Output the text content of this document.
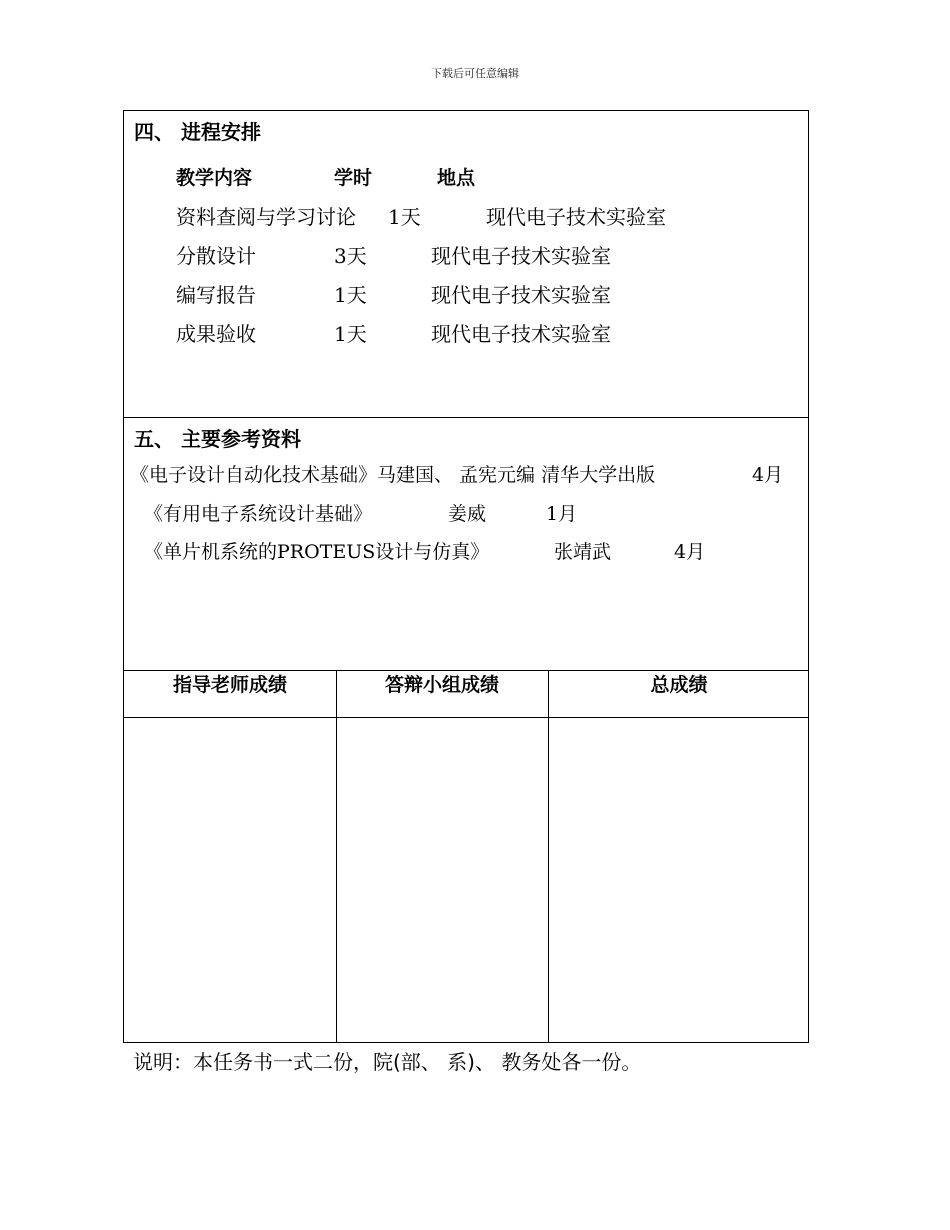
下载后可任意编辑
四、 进程安排
教学内容	学时	地点
资料查阅与学习讨论 1天	现代电子技术实验室
分散设计	3天	现代电子技术实验室
编写报告	1天	现代电子技术实验室
成果验收	1天	现代电子技术实验室
五、 主要参考资料
《电子设计自动化技术基础》马建国、 孟宪元编 清华大学出版	4月
《有用电子系统设计基础》	姜威	1月
《单片机系统的PROTEUS设计与仿真》	张靖武	4月
指导老师成绩	答辩小组成绩	总成绩
说明：本任务书一式二份，院(部、 系)、 教务处各一份。
